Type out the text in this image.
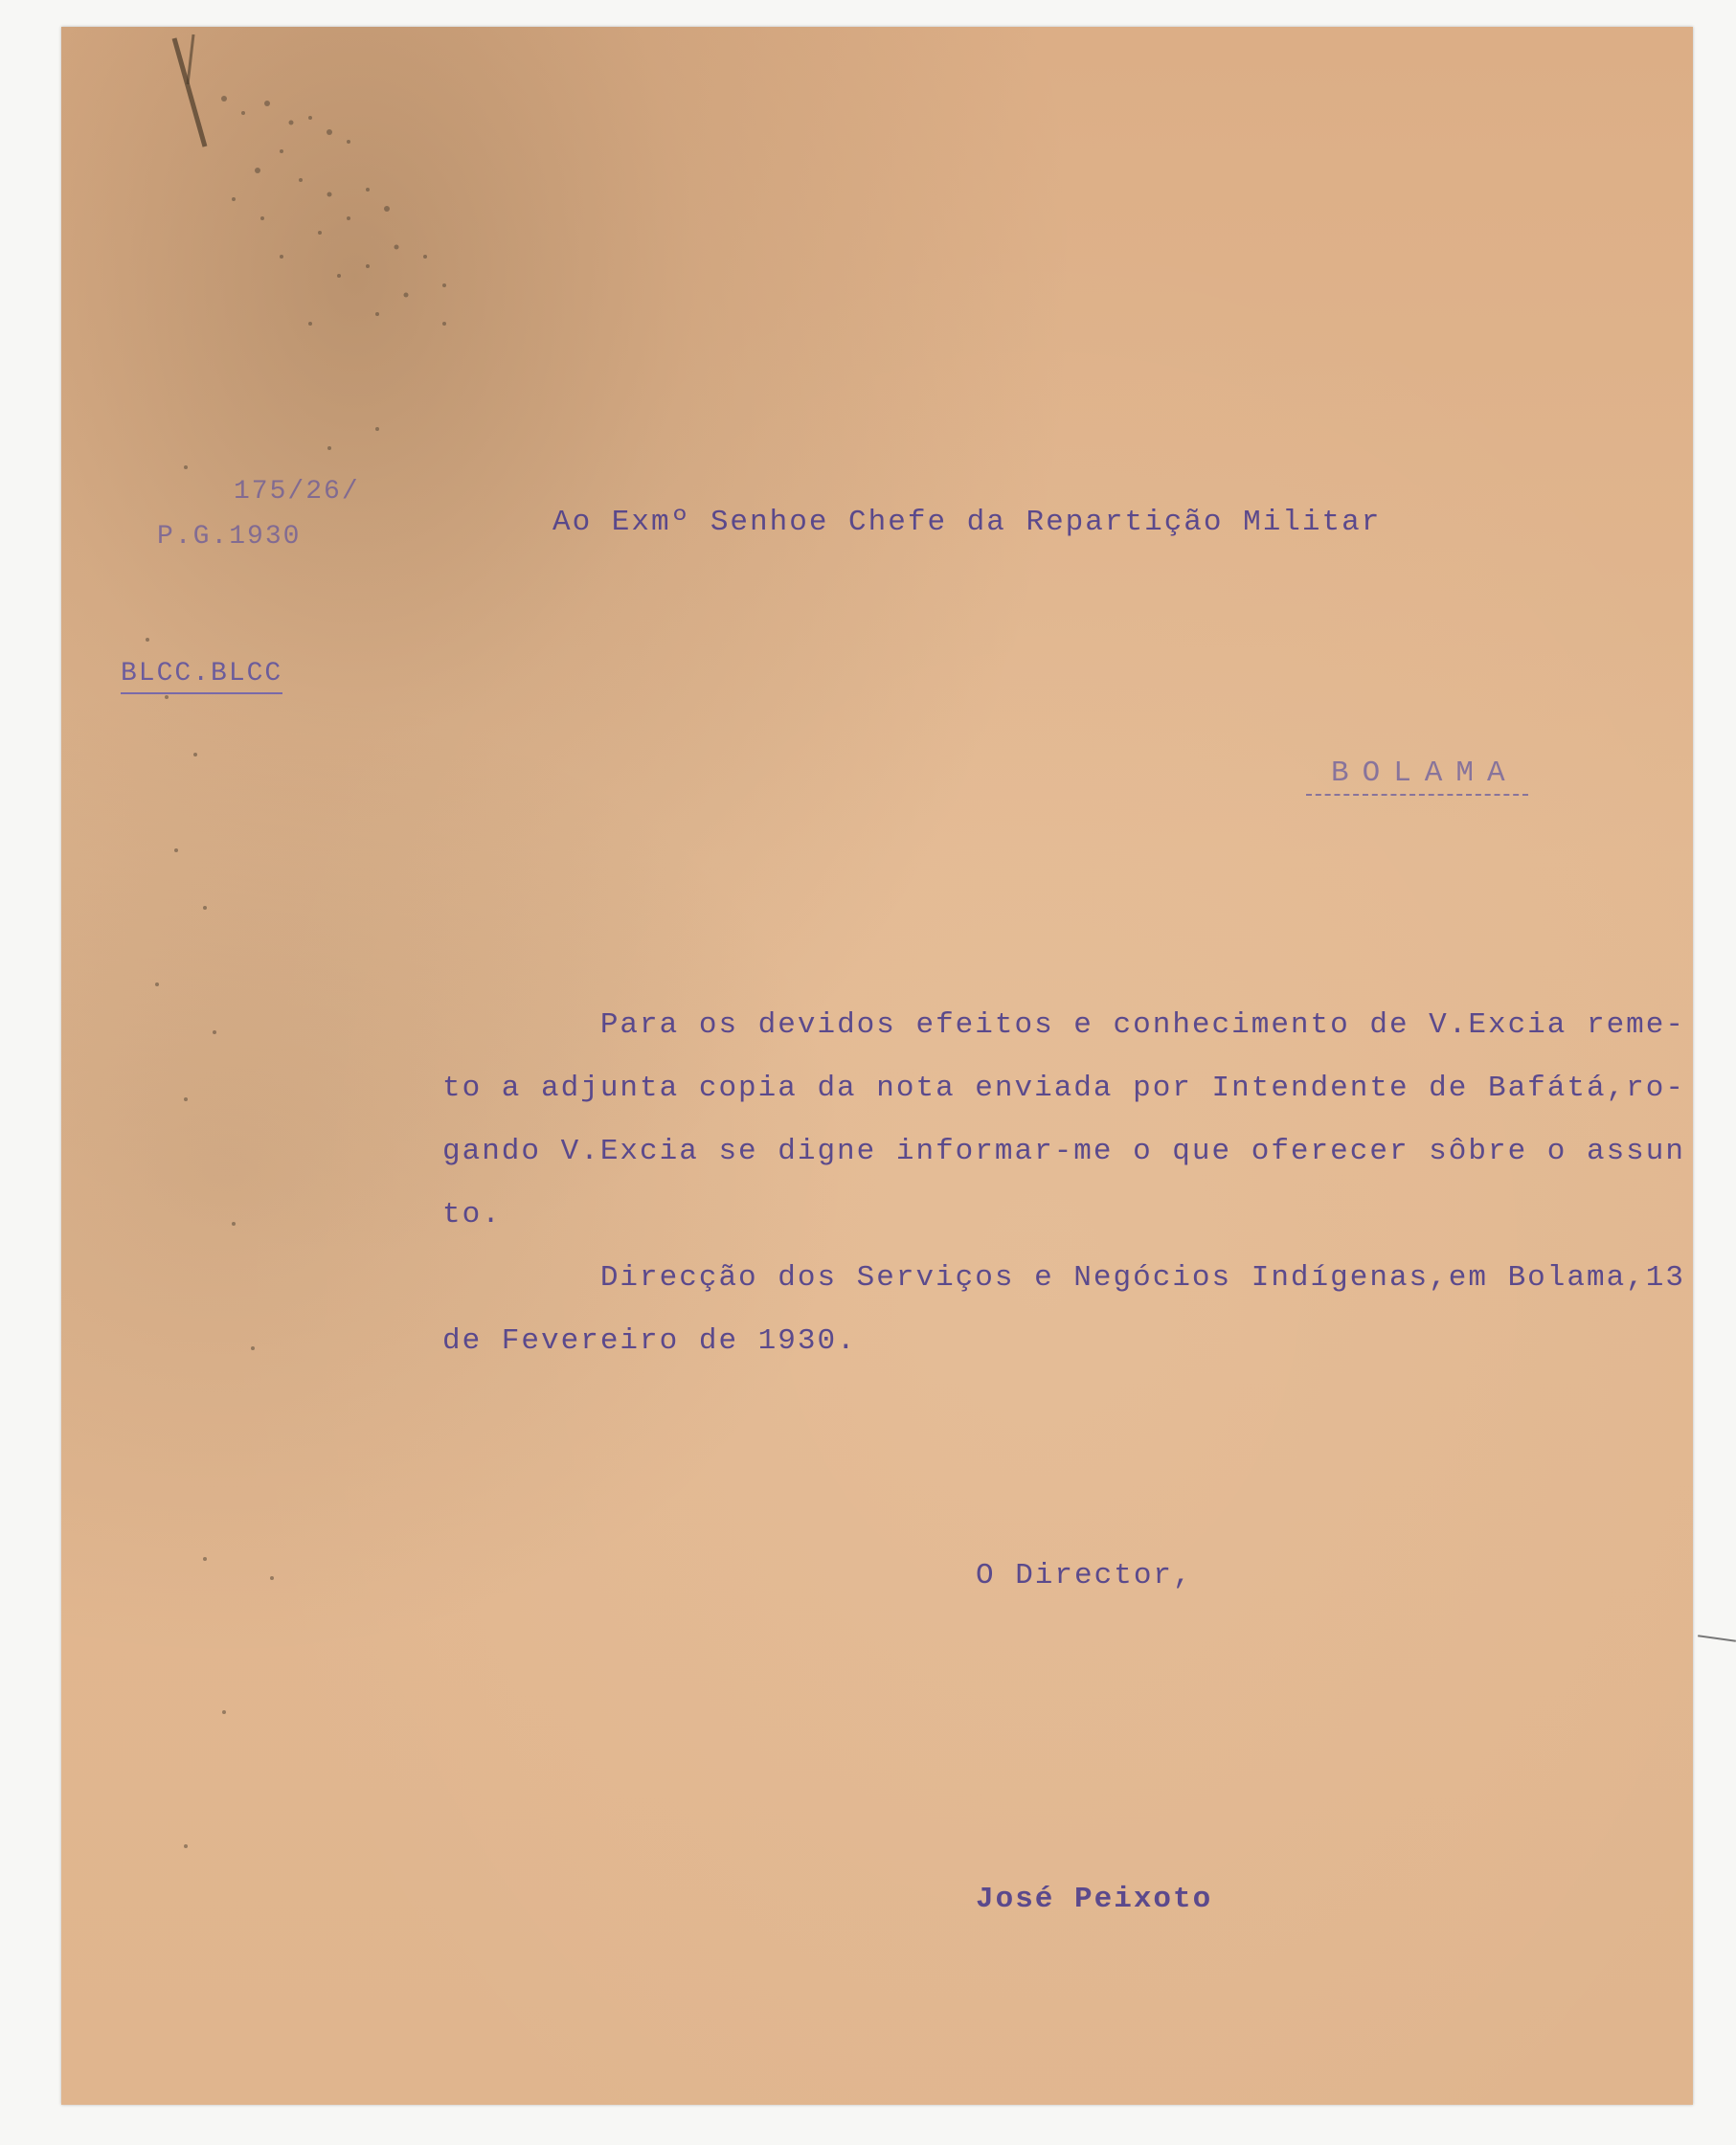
175/26/
P.G.1930
BLCC.BLCC
Ao Exmº Senhoe Chefe da Repartição Militar
BOLAMA

Para os devidos efeitos e conhecimento de V.Excia reme-
to a adjunta copia da nota enviada por Intendente de Bafátá,ro-
gando V.Excia se digne informar-me o que oferecer sôbre o assun
to.

Direcção dos Serviços e Negócios Indígenas,em Bolama,13
de Fevereiro de 1930.

O Director,
José Peixoto
